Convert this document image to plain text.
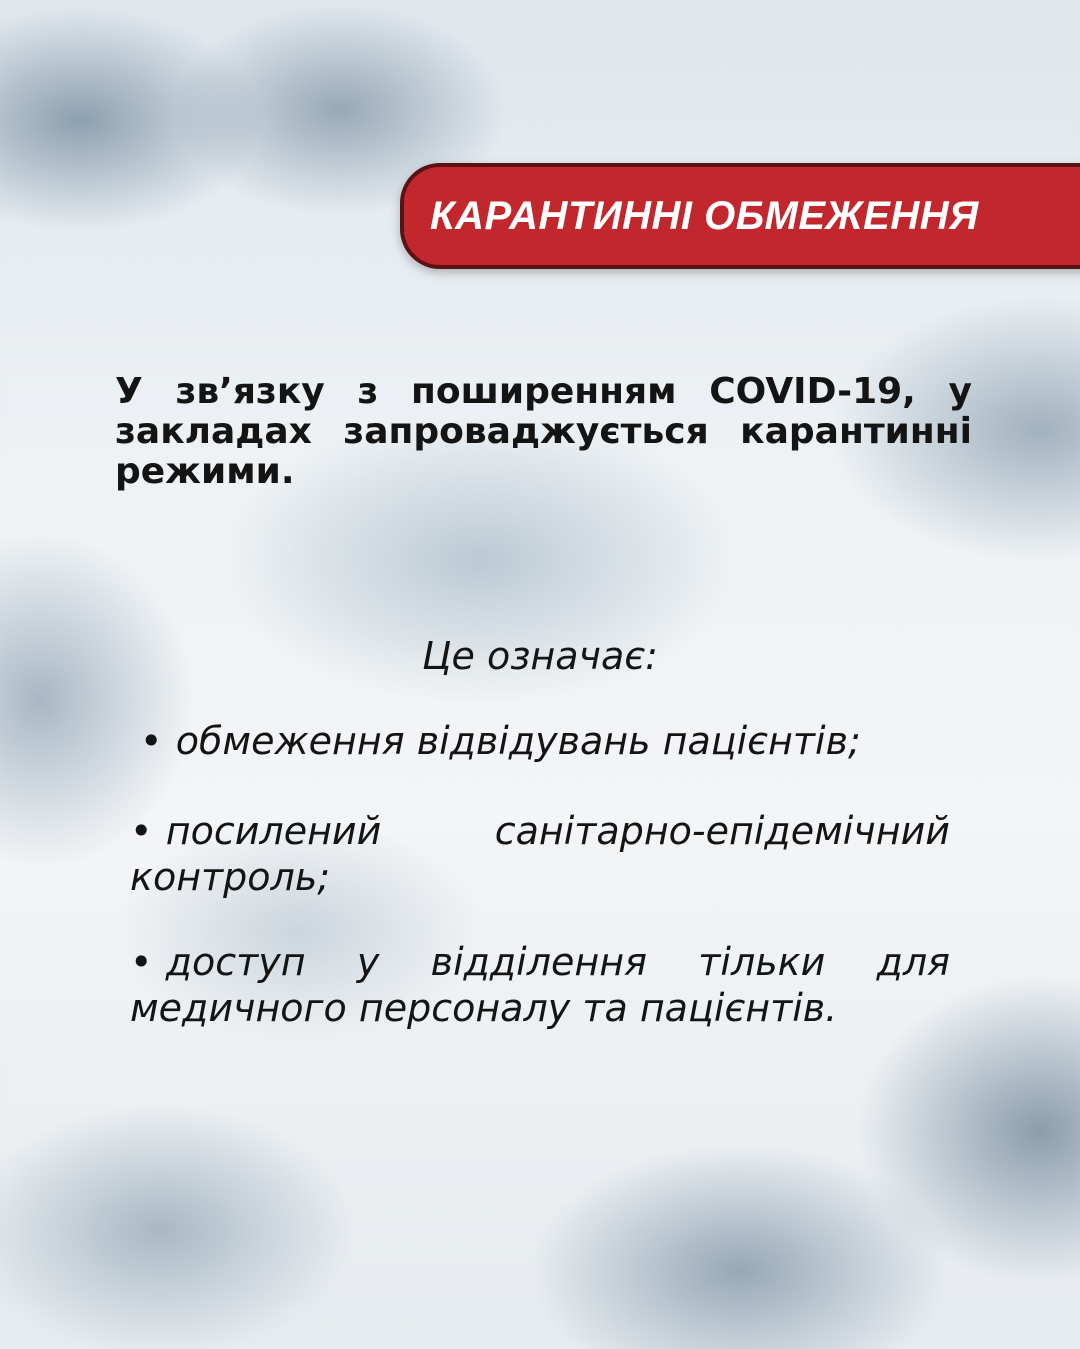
КАРАНТИННІ ОБМЕЖЕННЯ

У зв’язку з поширенням COVID-19, у закладах запроваджується карантинні режими.

Це означає:

• обмеження відвідувань пацієнтів;
• посилений санітарно-епідемічний контроль;
• доступ у відділення тільки для медичного персоналу та пацієнтів.
